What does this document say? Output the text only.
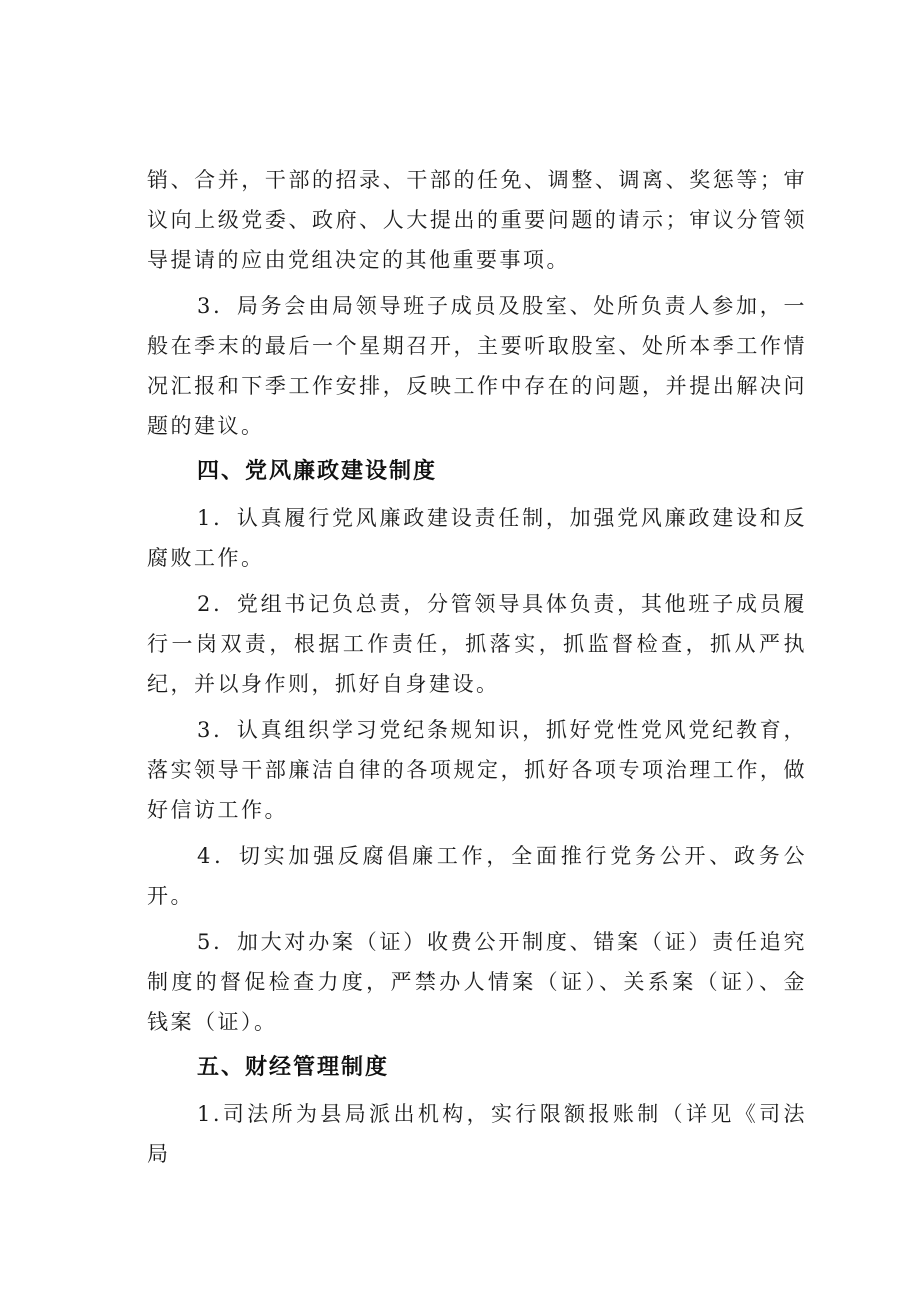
销、合并，干部的招录、干部的任免、调整、调离、奖惩等；审议向上级党委、政府、人大提出的重要问题的请示；审议分管领导提请的应由党组决定的其他重要事项。

3．局务会由局领导班子成员及股室、处所负责人参加，一般在季末的最后一个星期召开，主要听取股室、处所本季工作情况汇报和下季工作安排，反映工作中存在的问题，并提出解决问题的建议。

四、党风廉政建设制度

1．认真履行党风廉政建设责任制，加强党风廉政建设和反腐败工作。

2．党组书记负总责，分管领导具体负责，其他班子成员履行一岗双责，根据工作责任，抓落实，抓监督检查，抓从严执纪，并以身作则，抓好自身建设。

3．认真组织学习党纪条规知识，抓好党性党风党纪教育，落实领导干部廉洁自律的各项规定，抓好各项专项治理工作，做好信访工作。

4．切实加强反腐倡廉工作，全面推行党务公开、政务公开。

5．加大对办案（证）收费公开制度、错案（证）责任追究制度的督促检查力度，严禁办人情案（证）、关系案（证）、金钱案（证）。

五、财经管理制度

1.司法所为县局派出机构，实行限额报账制（详见《司法局
